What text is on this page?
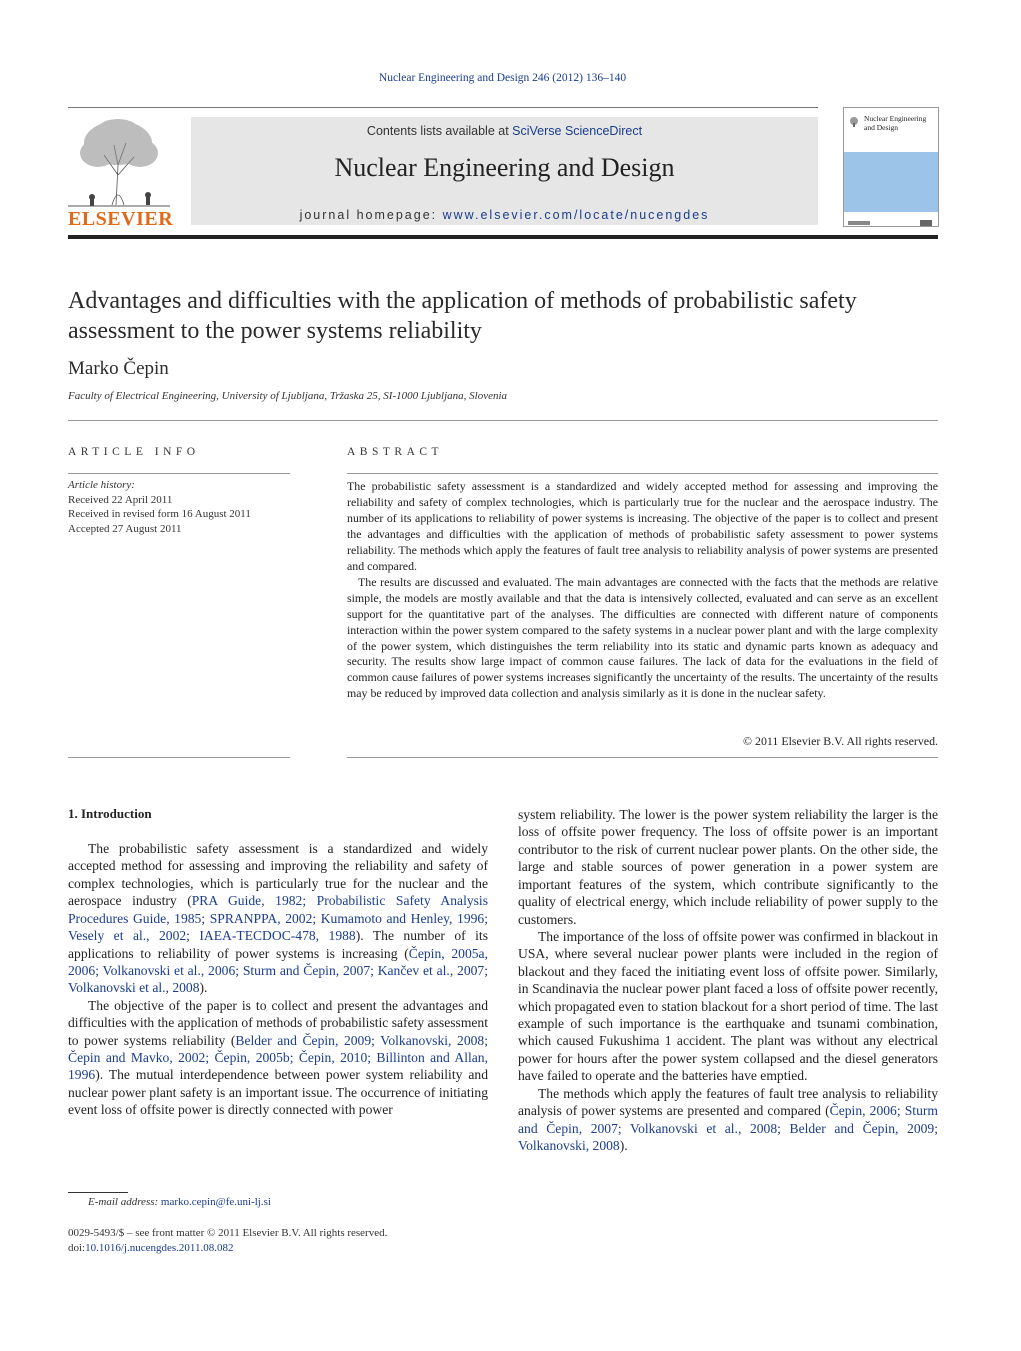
Nuclear Engineering and Design 246 (2012) 136–140
ELSEVIER
Contents lists available at SciVerse ScienceDirect
Nuclear Engineering and Design
journal homepage: www.elsevier.com/locate/nucengdes
Nuclear Engineering and Design
Advantages and difficulties with the application of methods of probabilistic safety assessment to the power systems reliability
Marko Čepin
Faculty of Electrical Engineering, University of Ljubljana, Tržaska 25, SI-1000 Ljubljana, Slovenia
ARTICLE INFO
Article history:
Received 22 April 2011
Received in revised form 16 August 2011
Accepted 27 August 2011
ABSTRACT

The probabilistic safety assessment is a standardized and widely accepted method for assessing and improving the reliability and safety of complex technologies, which is particularly true for the nuclear and the aerospace industry. The number of its applications to reliability of power systems is increasing. The objective of the paper is to collect and present the advantages and difficulties with the application of methods of probabilistic safety assessment to power systems reliability. The methods which apply the features of fault tree analysis to reliability analysis of power systems are presented and compared.

The results are discussed and evaluated. The main advantages are connected with the facts that the methods are relative simple, the models are mostly available and that the data is intensively collected, evaluated and can serve as an excellent support for the quantitative part of the analyses. The difficulties are connected with different nature of components interaction within the power system compared to the safety systems in a nuclear power plant and with the large complexity of the power system, which distinguishes the term reliability into its static and dynamic parts known as adequacy and security. The results show large impact of common cause failures. The lack of data for the evaluations in the field of common cause failures of power systems increases significantly the uncertainty of the results. The uncertainty of the results may be reduced by improved data collection and analysis similarly as it is done in the nuclear safety.

© 2011 Elsevier B.V. All rights reserved.
1. Introduction

The probabilistic safety assessment is a standardized and widely accepted method for assessing and improving the reliability and safety of complex technologies, which is particularly true for the nuclear and the aerospace industry (PRA Guide, 1982; Probabilistic Safety Analysis Procedures Guide, 1985; SPRANPPA, 2002; Kumamoto and Henley, 1996; Vesely et al., 2002; IAEA-TECDOC-478, 1988). The number of its applications to reliability of power systems is increasing (Čepin, 2005a, 2006; Volkanovski et al., 2006; Sturm and Čepin, 2007; Kančev et al., 2007; Volkanovski et al., 2008).

The objective of the paper is to collect and present the advantages and difficulties with the application of methods of probabilistic safety assessment to power systems reliability (Belder and Čepin, 2009; Volkanovski, 2008; Čepin and Mavko, 2002; Čepin, 2005b; Čepin, 2010; Billinton and Allan, 1996). The mutual interdependence between power system reliability and nuclear power plant safety is an important issue. The occurrence of initiating event loss of offsite power is directly connected with power

system reliability. The lower is the power system reliability the larger is the loss of offsite power frequency. The loss of offsite power is an important contributor to the risk of current nuclear power plants. On the other side, the large and stable sources of power generation in a power system are important features of the system, which contribute significantly to the quality of electrical energy, which include reliability of power supply to the customers.

The importance of the loss of offsite power was confirmed in blackout in USA, where several nuclear power plants were included in the region of blackout and they faced the initiating event loss of offsite power. Similarly, in Scandinavia the nuclear power plant faced a loss of offsite power recently, which propagated even to station blackout for a short period of time. The last example of such importance is the earthquake and tsunami combination, which caused Fukushima 1 accident. The plant was without any electrical power for hours after the power system collapsed and the diesel generators have failed to operate and the batteries have emptied.

The methods which apply the features of fault tree analysis to reliability analysis of power systems are presented and compared (Čepin, 2006; Sturm and Čepin, 2007; Volkanovski et al., 2008; Belder and Čepin, 2009; Volkanovski, 2008).

E-mail address: marko.cepin@fe.uni-lj.si
0029-5493/$ – see front matter © 2011 Elsevier B.V. All rights reserved.
doi:10.1016/j.nucengdes.2011.08.082
